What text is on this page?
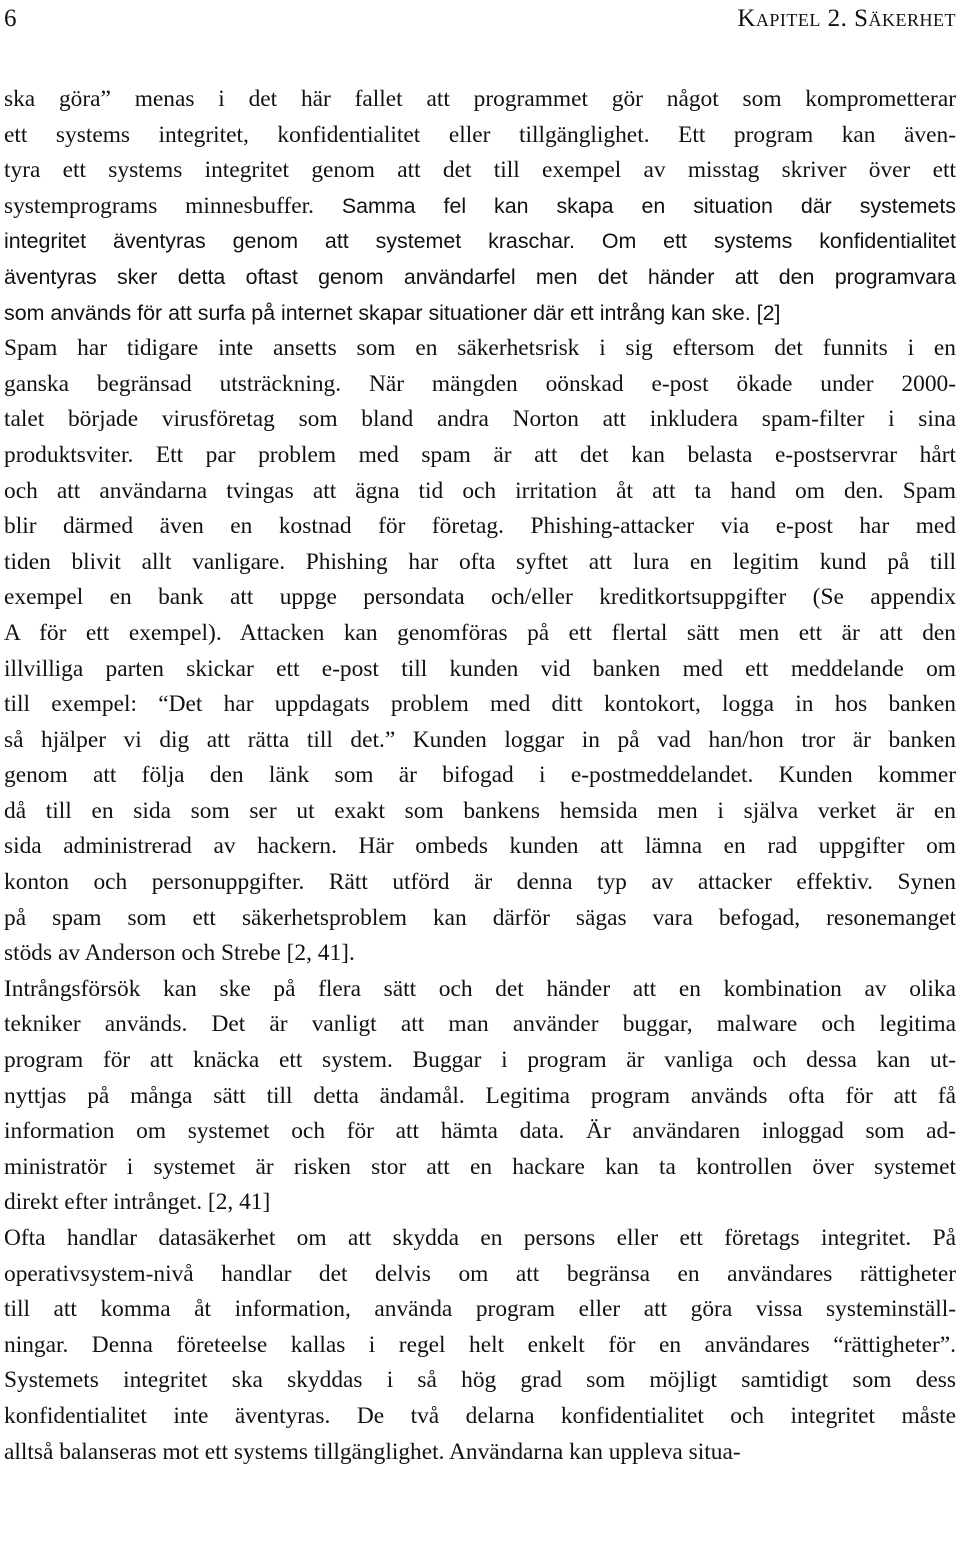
6	Kapitel 2. Säkerhet
ska göra” menas i det här fallet att programmet gör något som komprometterar
ett systems integritet, konfidentialitet eller tillgänglighet. Ett program kan även-
tyra ett systems integritet genom att det till exempel av misstag skriver över ett
systemprograms minnesbuffer. Samma fel kan skapa en situation där systemets
integritet äventyras genom att systemet kraschar. Om ett systems konfidentialitet
äventyras sker detta oftast genom användarfel men det händer att den programvara
som används för att surfa på internet skapar situationer där ett intrång kan ske. [2]
Spam har tidigare inte ansetts som en säkerhetsrisk i sig eftersom det funnits i en
ganska begränsad utsträckning. När mängden oönskad e-post ökade under 2000-
talet började virusföretag som bland andra Norton att inkludera spam-filter i sina
produktsviter. Ett par problem med spam är att det kan belasta e-postservrar hårt
och att användarna tvingas att ägna tid och irritation åt att ta hand om den. Spam
blir därmed även en kostnad för företag. Phishing-attacker via e-post har med
tiden blivit allt vanligare. Phishing har ofta syftet att lura en legitim kund på till
exempel en bank att uppge persondata och/eller kreditkortsuppgifter (Se appendix
A för ett exempel). Attacken kan genomföras på ett flertal sätt men ett är att den
illvilliga parten skickar ett e-post till kunden vid banken med ett meddelande om
till exempel: “Det har uppdagats problem med ditt kontokort, logga in hos banken
så hjälper vi dig att rätta till det.” Kunden loggar in på vad han/hon tror är banken
genom att följa den länk som är bifogad i e-postmeddelandet. Kunden kommer
då till en sida som ser ut exakt som bankens hemsida men i själva verket är en
sida administrerad av hackern. Här ombeds kunden att lämna en rad uppgifter om
konton och personuppgifter. Rätt utförd är denna typ av attacker effektiv. Synen
på spam som ett säkerhetsproblem kan därför sägas vara befogad, resonemanget
stöds av Anderson och Strebe [2, 41].
Intrångsförsök kan ske på flera sätt och det händer att en kombination av olika
tekniker används. Det är vanligt att man använder buggar, malware och legitima
program för att knäcka ett system. Buggar i program är vanliga och dessa kan ut-
nyttjas på många sätt till detta ändamål. Legitima program används ofta för att få
information om systemet och för att hämta data. Är användaren inloggad som ad-
ministratör i systemet är risken stor att en hackare kan ta kontrollen över systemet
direkt efter intrånget. [2, 41]
Ofta handlar datasäkerhet om att skydda en persons eller ett företags integritet. På
operativsystem-nivå handlar det delvis om att begränsa en användares rättigheter
till att komma åt information, använda program eller att göra vissa systeminställ-
ningar. Denna företeelse kallas i regel helt enkelt för en användares “rättigheter”.
Systemets integritet ska skyddas i så hög grad som möjligt samtidigt som dess
konfidentialitet inte äventyras. De två delarna konfidentialitet och integritet måste
alltså balanseras mot ett systems tillgänglighet. Användarna kan uppleva situa-
